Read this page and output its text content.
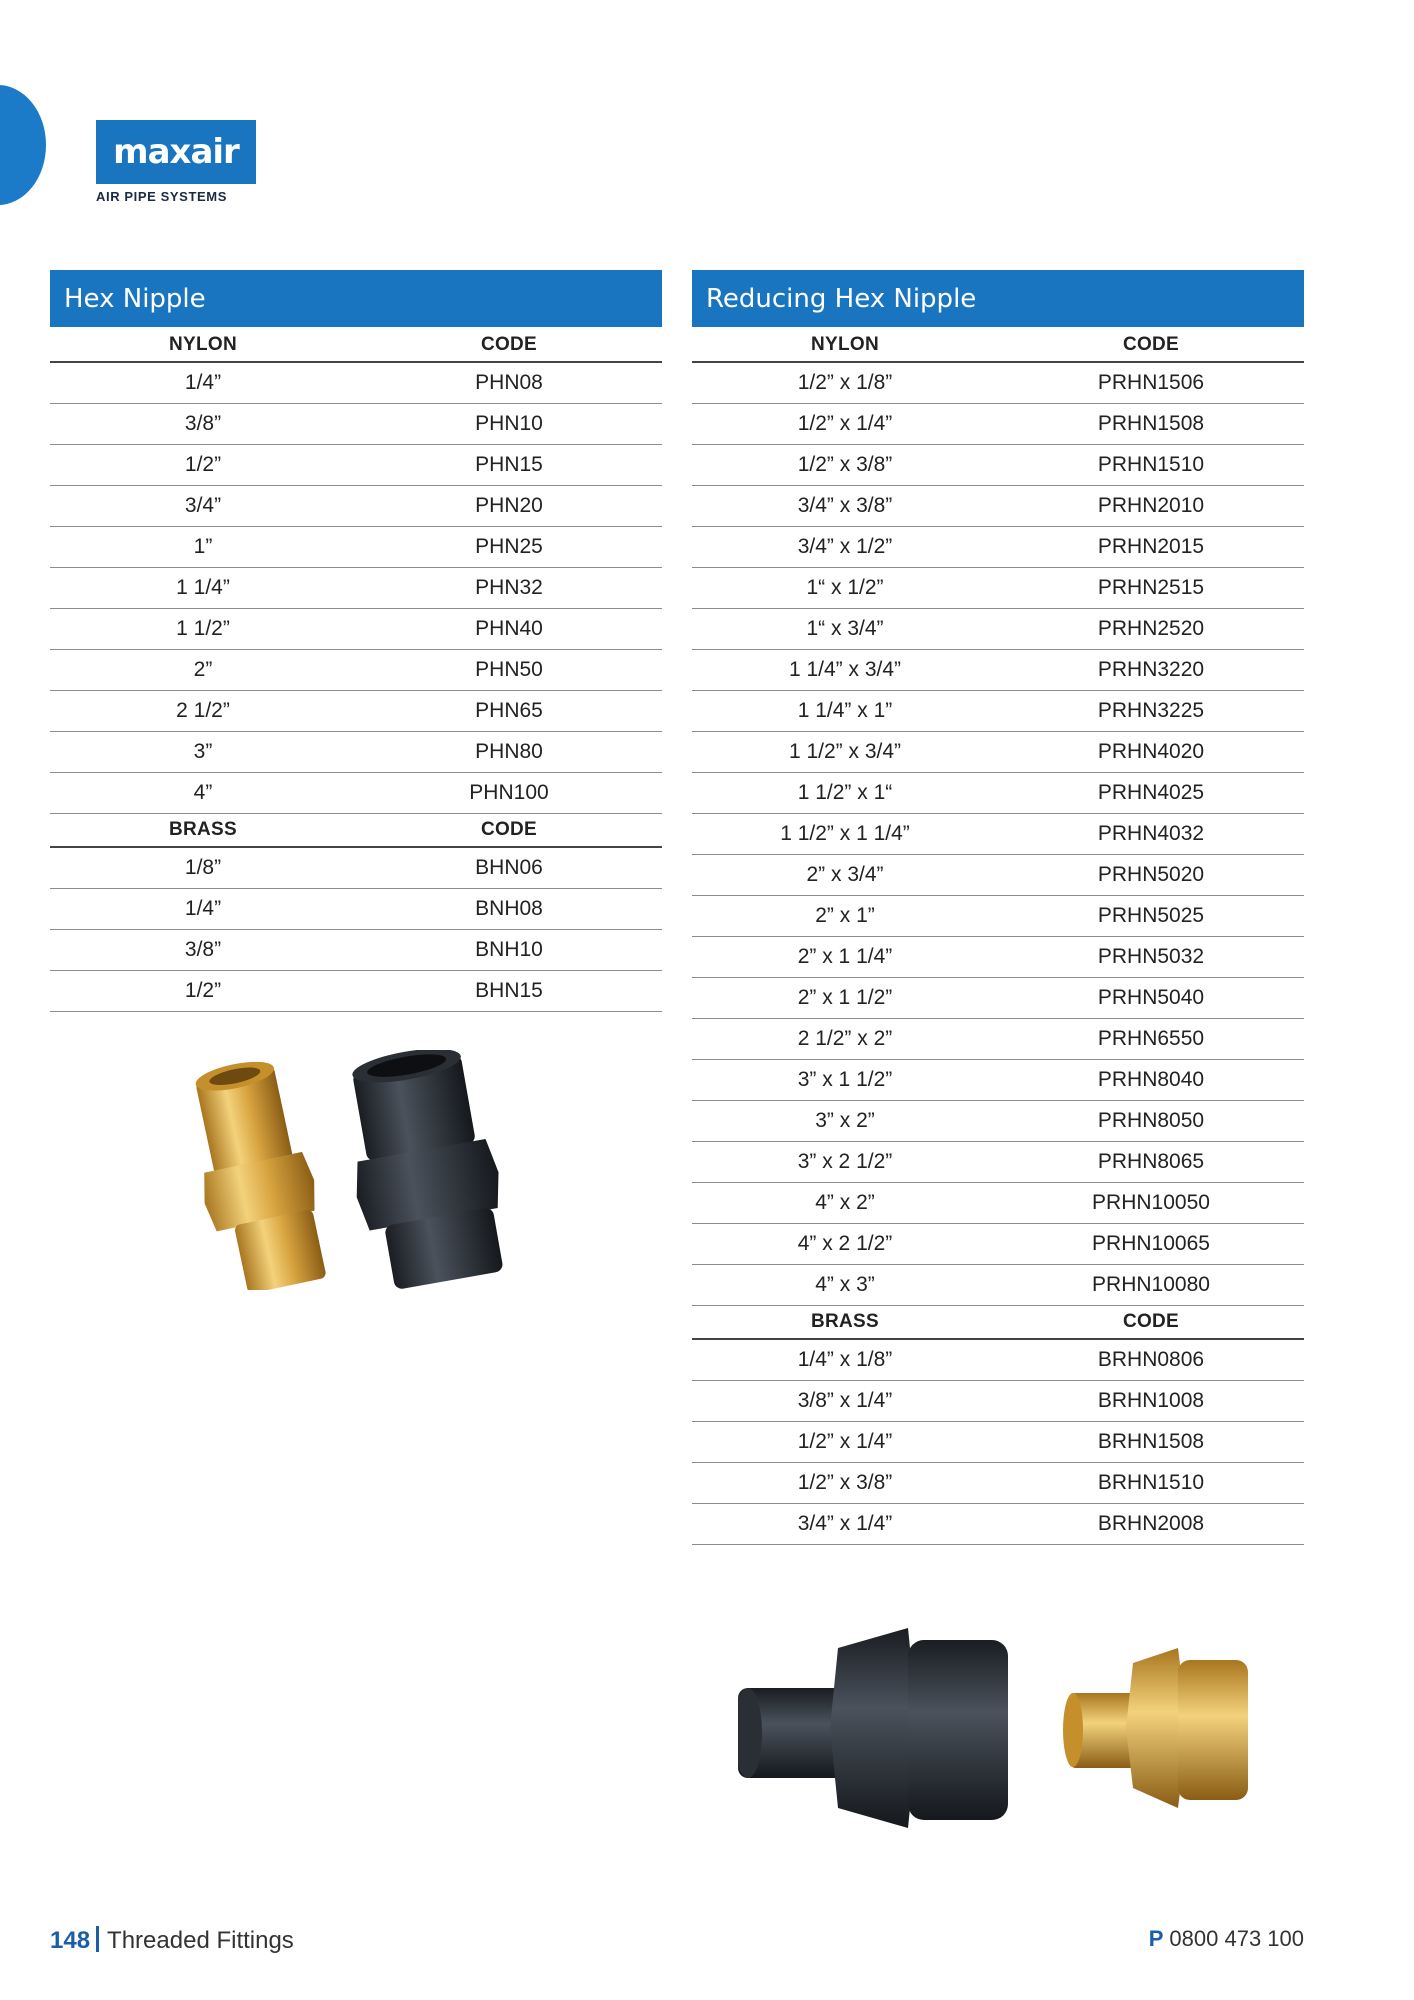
maxair
AIR PIPE SYSTEMS
Hex Nipple
NYLON	CODE
1/4”	PHN08
3/8”	PHN10
1/2”	PHN15
3/4”	PHN20
1”	PHN25
1 1/4”	PHN32
1 1/2”	PHN40
2”	PHN50
2 1/2”	PHN65
3”	PHN80
4”	PHN100
BRASS	CODE
1/8”	BHN06
1/4”	BNH08
3/8”	BNH10
1/2”	BHN15
Reducing Hex Nipple
NYLON	CODE
1/2” x 1/8”	PRHN1506
1/2” x 1/4”	PRHN1508
1/2” x 3/8”	PRHN1510
3/4” x 3/8”	PRHN2010
3/4” x 1/2”	PRHN2015
1“ x 1/2”	PRHN2515
1“ x 3/4”	PRHN2520
1 1/4” x 3/4”	PRHN3220
1 1/4” x 1”	PRHN3225
1 1/2” x 3/4”	PRHN4020
1 1/2” x 1“	PRHN4025
1 1/2” x 1 1/4”	PRHN4032
2” x 3/4”	PRHN5020
2” x 1”	PRHN5025
2” x 1 1/4”	PRHN5032
2” x 1 1/2”	PRHN5040
2 1/2” x 2”	PRHN6550
3” x 1 1/2”	PRHN8040
3” x 2”	PRHN8050
3” x 2 1/2”	PRHN8065
4” x 2”	PRHN10050
4” x 2 1/2”	PRHN10065
4” x 3”	PRHN10080
BRASS	CODE
1/4” x 1/8”	BRHN0806
3/8” x 1/4”	BRHN1008
1/2” x 1/4”	BRHN1508
1/2” x 3/8”	BRHN1510
3/4” x 1/4”	BRHN2008
148 Threaded Fittings	P 0800 473 100
